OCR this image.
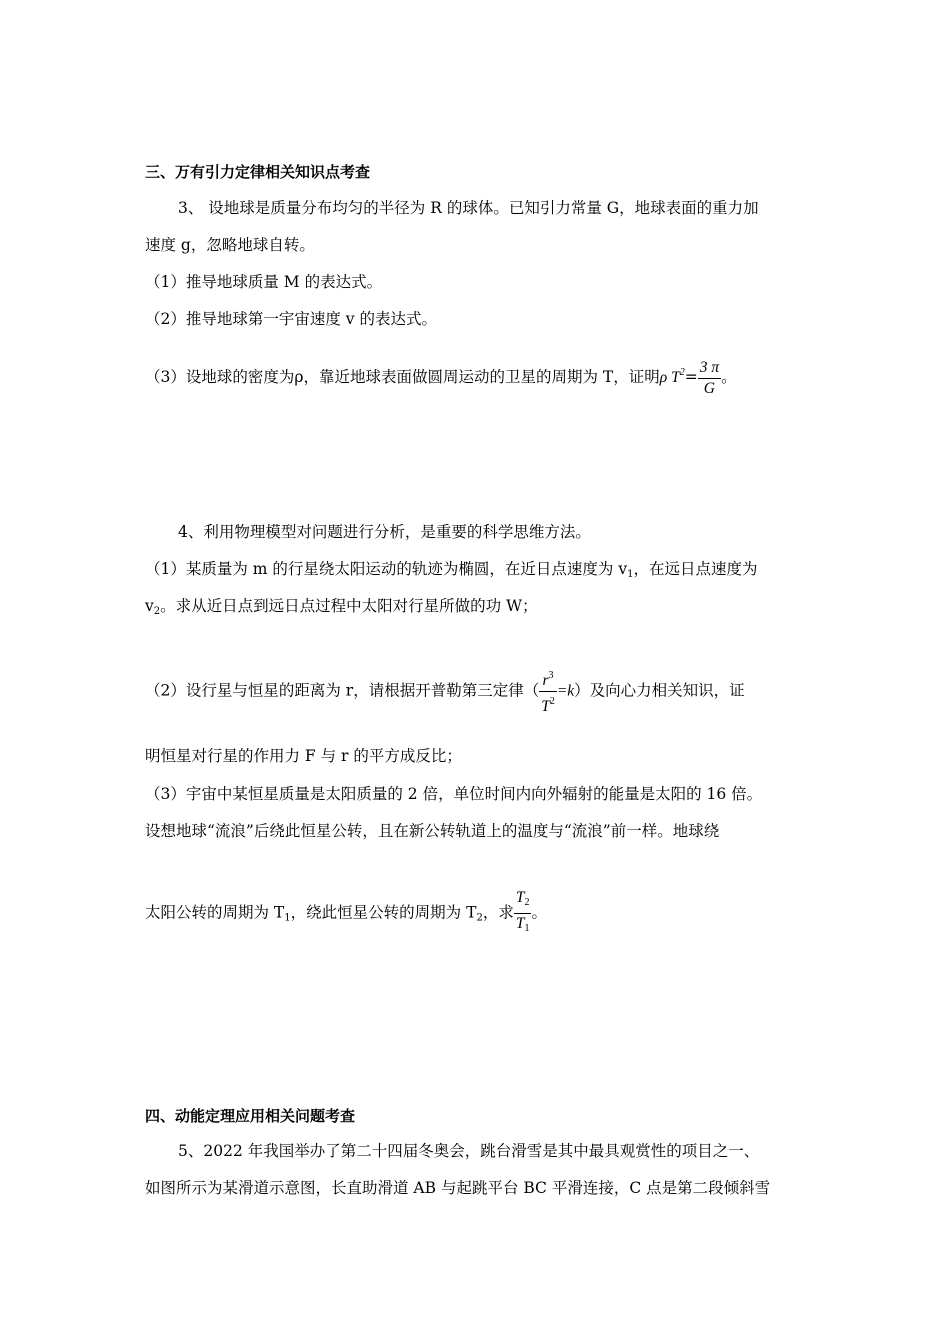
三、万有引力定律相关知识点考查
3、 设地球是质量分布均匀的半径为 R 的球体。已知引力常量 G，地球表面的重力加
速度 g，忽略地球自转。
（1）推导地球质量 M 的表达式。
（2）推导地球第一宇宙速度 v 的表达式。
（3）设地球的密度为ρ，靠近地球表面做圆周运动的卫星的周期为 T，证明ρ $T^2= \frac{3 \pi}{G}$ 。
4、利用物理模型对问题进行分析，是重要的科学思维方法。
（1）某质量为 m 的行星绕太阳运动的轨迹为椭圆，在近日点速度为 $v_1$，在远日点速度为
$v_2$。求从近日点到远日点过程中太阳对行星所做的功 W；
（2）设行星与恒星的距离为 r，请根据开普勒第三定律（ $\frac{r^3}{T^2} =k$）及向心力相关知识，证
明恒星对行星的作用力 F 与 r 的平方成反比；
（3）宇宙中某恒星质量是太阳质量的 2 倍，单位时间内向外辐射的能量是太阳的 16 倍。
设想地球“流浪”后绕此恒星公转，且在新公转轨道上的温度与“流浪”前一样。地球绕
太阳公转的周期为 $T_1$，绕此恒星公转的周期为 $T_2$，求 $\frac{T_2}{T_1}$ 。
四、动能定理应用相关问题考查
5、2022 年我国举办了第二十四届冬奥会，跳台滑雪是其中最具观赏性的项目之一、
如图所示为某滑道示意图，长直助滑道 AB 与起跳平台 BC 平滑连接，C 点是第二段倾斜雪
